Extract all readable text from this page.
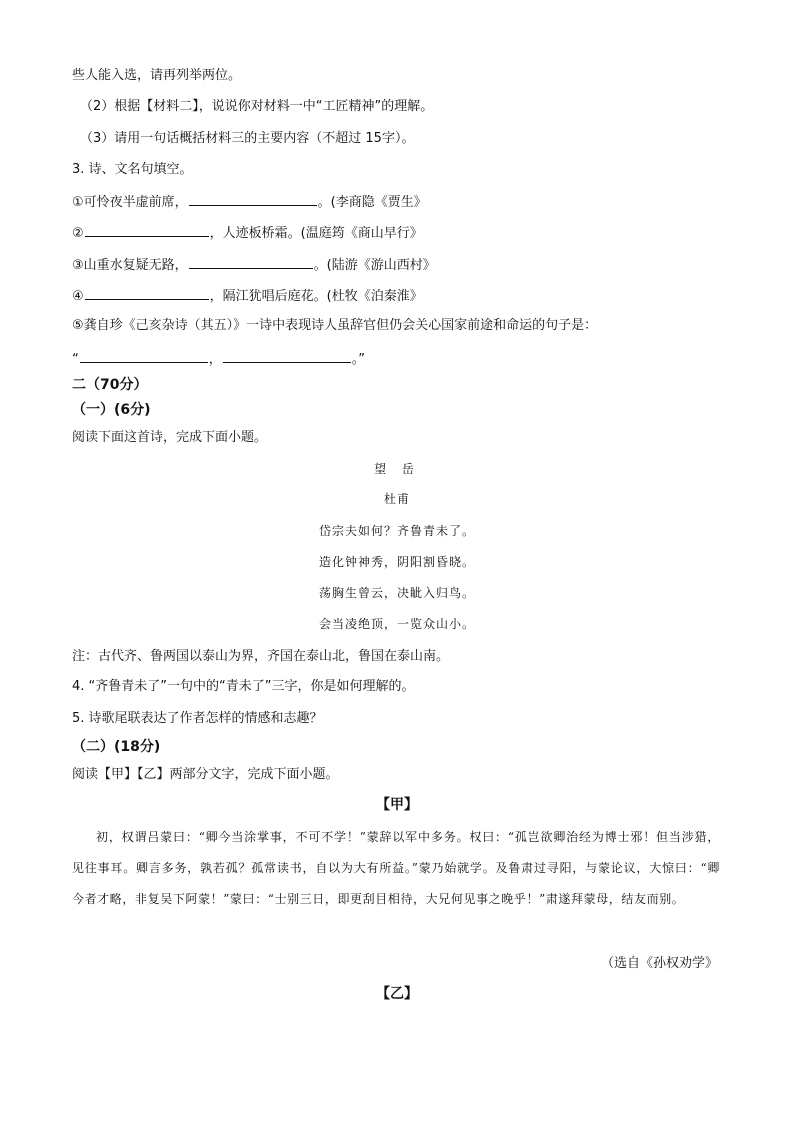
些人能入选，请再列举两位。
（2）根据【材料二】，说说你对材料一中“工匠精神”的理解。
（3）请用一句话概括材料三的主要内容（不超过 15字）。
3. 诗、文名句填空。
①可怜夜半虚前席，	。(李商隐《贾生》
②	，人迹板桥霜。(温庭筠《商山早行》
③山重水复疑无路，	。(陆游《游山西村》
④	，隔江犹唱后庭花。(杜牧《泊秦淮》
⑤龚自珍《己亥杂诗（其五）》一诗中表现诗人虽辞官但仍会关心国家前途和命运的句子是：
“	，	。”
二（70分）
（一）(6分)
阅读下面这首诗，完成下面小题。
望 岳
杜甫
岱宗夫如何？齐鲁青未了。
造化钟神秀，阴阳割昏晓。
荡胸生曾云，决眦入归鸟。
会当凌绝顶，一览众山小。
注：古代齐、鲁两国以泰山为界，齐国在泰山北，鲁国在泰山南。
4. “齐鲁青未了”一句中的“青未了”三字，你是如何理解的。
5. 诗歌尾联表达了作者怎样的情感和志趣？
（二）(18分)
阅读【甲】【乙】两部分文字，完成下面小题。
【甲】

初，权谓吕蒙曰：“卿今当涂掌事，不可不学！”蒙辞以军中多务。权曰：“孤岂欲卿治经为博士邪！但当涉猎，见往事耳。卿言多务，孰若孤？孤常读书，自以为大有所益。”蒙乃始就学。及鲁肃过寻阳，与蒙论议，大惊曰：“卿今者才略，非复吴下阿蒙！”蒙曰：“士别三日，即更刮目相待，大兄何见事之晚乎！”肃遂拜蒙母，结友而别。

（选自《孙权劝学》
【乙】
